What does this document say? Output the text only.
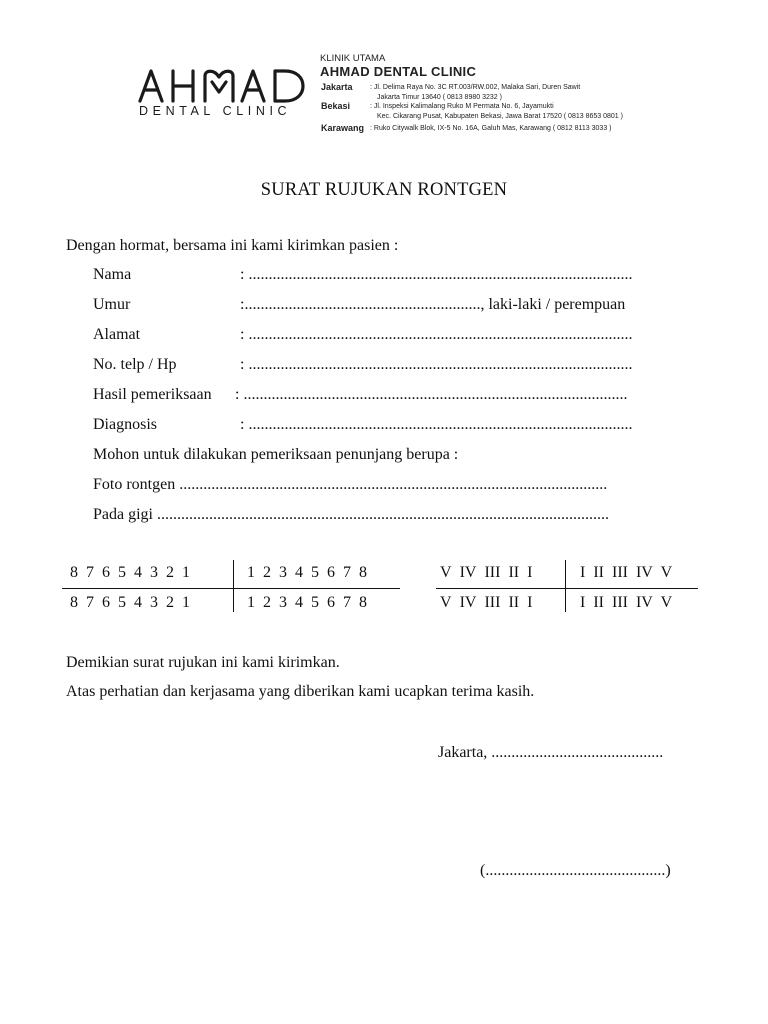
DENTAL CLINIC
KLINIK UTAMA
AHMAD DENTAL CLINIC
Jakarta : Jl. Delima Raya No. 3C RT.003/RW.002, Malaka Sari, Duren Sawit
Jakarta Timur 13640 ( 0813 8980 3232 )
Bekasi	: Jl. Inspeksi Kalimalang Ruko M Permata No. 6, Jayamukti
Kec. Cikarang Pusat, Kabupaten Bekasi, Jawa Barat 17520 ( 0813 8653 0801 )
Karawang : Ruko Citywalk Blok, IX-5 No. 16A, Galuh Mas, Karawang ( 0812 8113 3033 )
SURAT RUJUKAN RONTGEN
Dengan hormat, bersama ini kami kirimkan pasien :
Nama	: ................................................................................................
Umur	:..........................................................., laki-laki / perempuan
Alamat	: ................................................................................................
No. telp / Hp	: ................................................................................................
Hasil pemeriksaan : ................................................................................................
Diagnosis	: ................................................................................................
Mohon untuk dilakukan pemeriksaan penunjang berupa :
Foto rontgen ...........................................................................................................
Pada gigi .................................................................................................................
8 7 6 5 4 3 2 1	1 2 3 4 5 6 7 8
8 7 6 5 4 3 2 1	1 2 3 4 5 6 7 8
V IV III II I	I II III IV V
V IV III II I	I II III IV V
Demikian surat rujukan ini kami kirimkan.
Atas perhatian dan kerjasama yang diberikan kami ucapkan terima kasih.
Jakarta, ...........................................
(.............................................)
